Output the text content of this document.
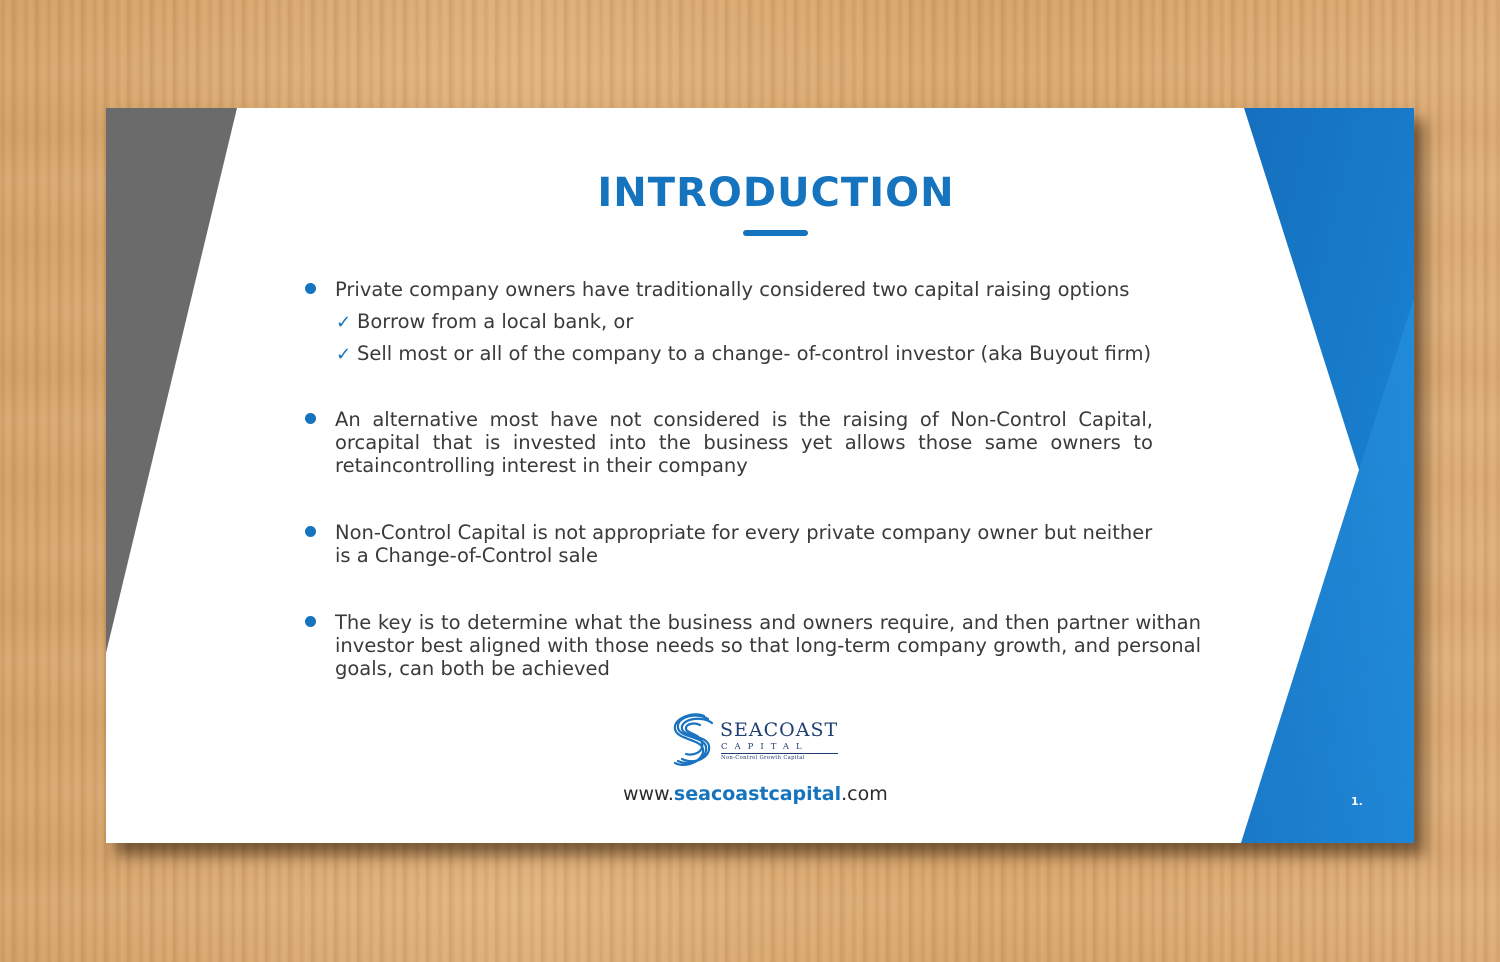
INTRODUCTION
Private company owners have traditionally considered two capital raising options
✓ Borrow from a local bank, or
✓ Sell most or all of the company to a change- of-control investor (aka Buyout firm)
An alternative most have not considered is the raising of Non-Control Capital, orcapital that is invested into the business yet allows those same owners to retaincontrolling interest in their company
Non-Control Capital is not appropriate for every private company owner but neither is a Change-of-Control sale
The key is to determine what the business and owners require, and then partner withan investor best aligned with those needs so that long-term company growth, and personal goals, can both be achieved
SEACOAST
CAPITAL
Non-Control Growth Capital
www.seacoastcapital.com	1.
